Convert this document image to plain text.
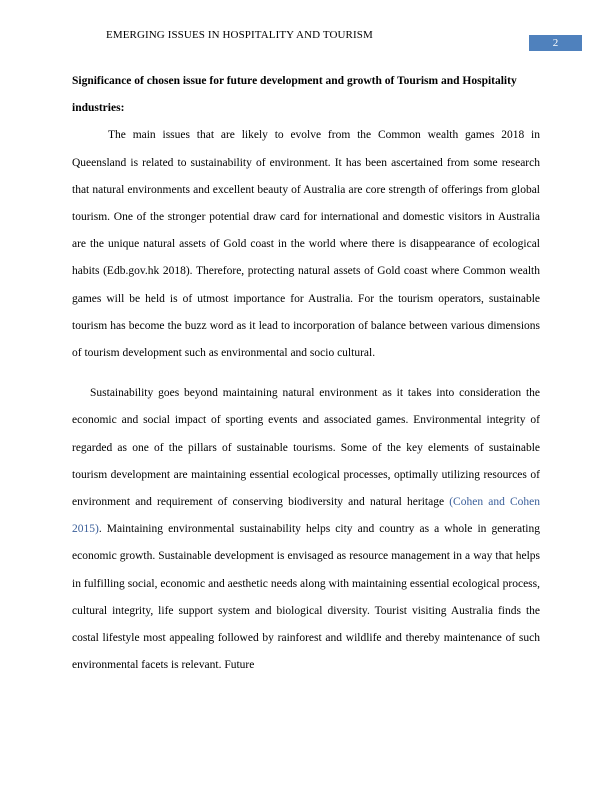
EMERGING ISSUES IN HOSPITALITY AND TOURISM
2

Significance of chosen issue for future development and growth of Tourism and Hospitality industries:

The main issues that are likely to evolve from the Common wealth games 2018 in Queensland is related to sustainability of environment. It has been ascertained from some research that natural environments and excellent beauty of Australia are core strength of offerings from global tourism. One of the stronger potential draw card for international and domestic visitors in Australia are the unique natural assets of Gold coast in the world where there is disappearance of ecological habits (Edb.gov.hk 2018). Therefore, protecting natural assets of Gold coast where Common wealth games will be held is of utmost importance for Australia. For the tourism operators, sustainable tourism has become the buzz word as it lead to incorporation of balance between various dimensions of tourism development such as environmental and socio cultural.

Sustainability goes beyond maintaining natural environment as it takes into consideration the economic and social impact of sporting events and associated games. Environmental integrity of regarded as one of the pillars of sustainable tourisms. Some of the key elements of sustainable tourism development are maintaining essential ecological processes, optimally utilizing resources of environment and requirement of conserving biodiversity and natural heritage (Cohen and Cohen 2015). Maintaining environmental sustainability helps city and country as a whole in generating economic growth. Sustainable development is envisaged as resource management in a way that helps in fulfilling social, economic and aesthetic needs along with maintaining essential ecological process, cultural integrity, life support system and biological diversity. Tourist visiting Australia finds the costal lifestyle most appealing followed by rainforest and wildlife and thereby maintenance of such environmental facets is relevant. Future
